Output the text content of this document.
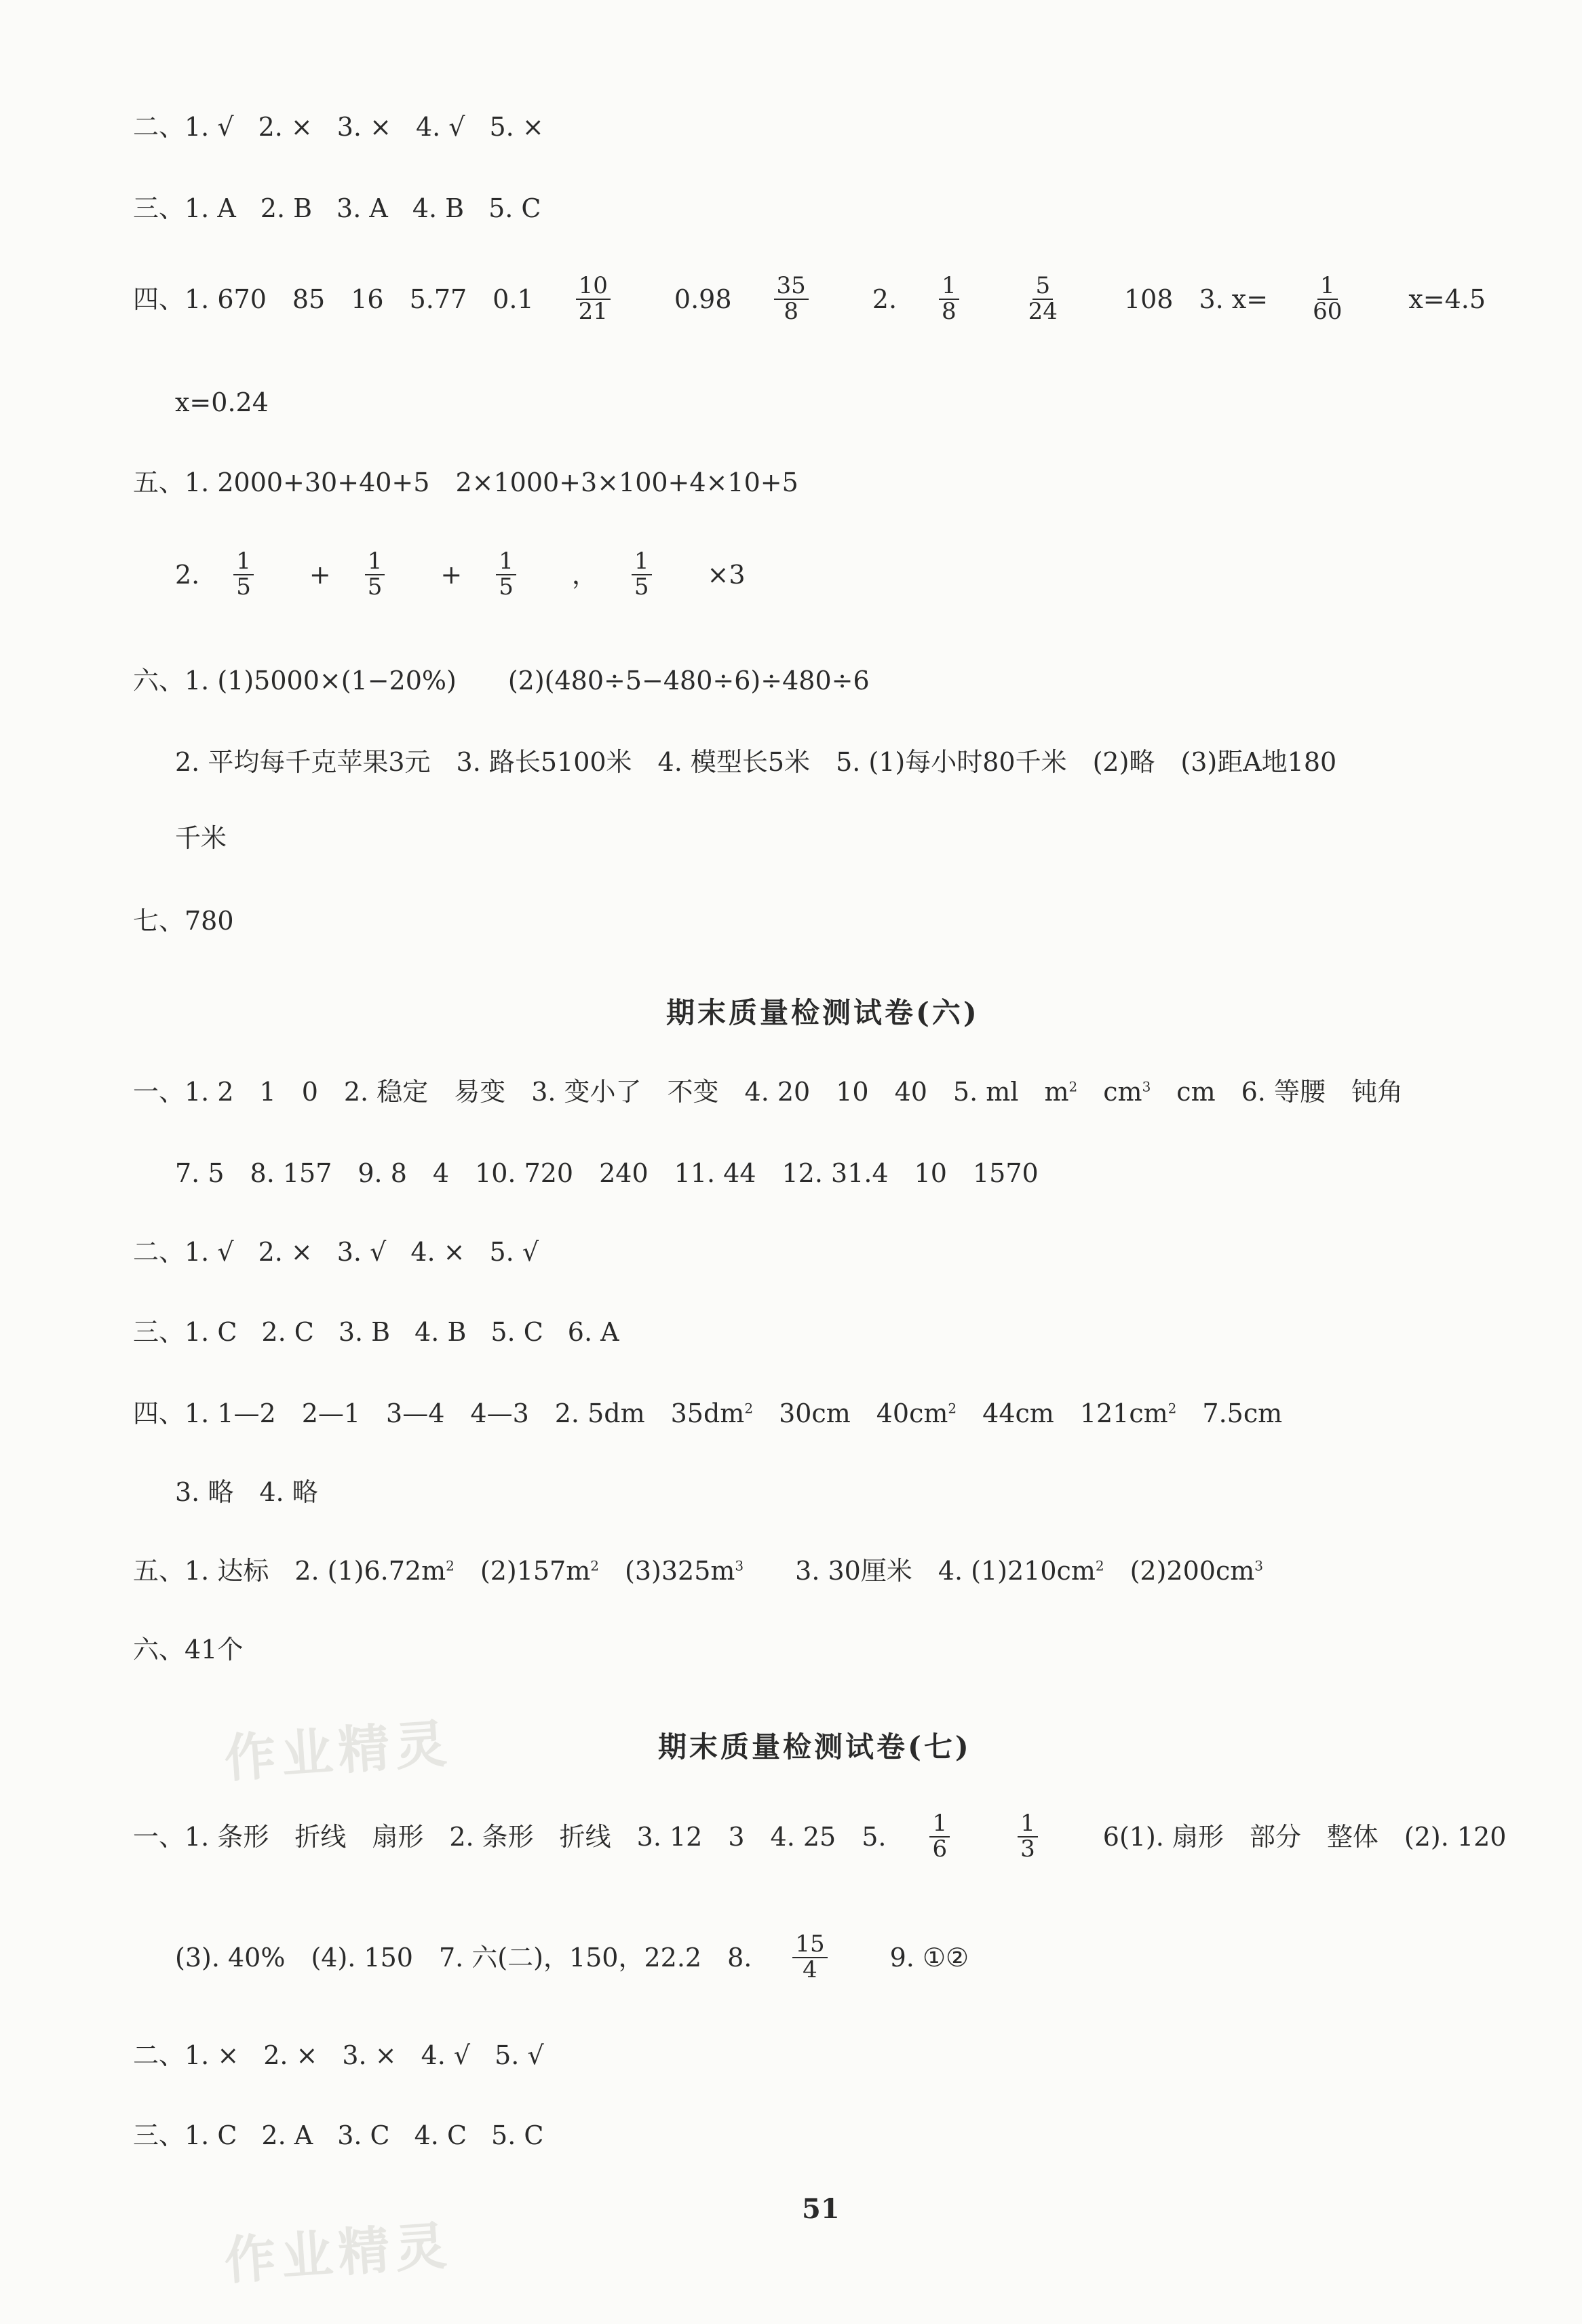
二、1. √ 2. × 3. × 4. √ 5. ×
三、1. A 2. B 3. A 4. B 5. C
四、1. 670　85　16　5.77　$0.1 \frac{10}{21} 0.98 \frac{35}{8} 2$. $\frac{1}{8} \frac{5}{24} 108$　3. $x= \frac{1}{60} x=4.5$
x=0.24
五、1. 2000+30+40+5　2×1000+3×100+4×10+5
2. $\frac{1}{5} + \frac{1}{5} + \frac{1}{5}$ ， $\frac{1}{5} \times 3$
六、1. (1)5000×(1−20%)　　(2)(480÷5−480÷6)÷480÷6
2. 平均每千克苹果3元　3. 路长5100米　4. 模型长5米　5. (1)每小时80千米　(2)略　(3)距A地180
千米
七、780
期末质量检测试卷(六)
一、1. 2　1　0　2. 稳定　易变　3. 变小了　不变　4. 20　10　40　5. ml　$m^2$　$cm^3$　cm　6. 等腰　钝角
7. 5　8. 157　9. 8　4　10. 720　240　11. 44　12. 31.4　10　1570
二、1. √ 2. × 3. √ 4. × 5. √
三、1. C 2. C 3. B 4. B 5. C 6. A
四、1. 1—2　2—1　3—4　4—3　2. 5dm　$35dm^2$　30cm　$40cm^2$　44cm　$121cm^2$　7.5cm
3. 略　4. 略
五、1. 达标　2. $(1)6.72m^2$　$(2)157m^2$　$(3)325m^3$　　3. 30厘米　4. $(1)210cm^2$　$(2)200cm^3$
六、41个
作业精灵	期末质量检测试卷(七)
一、1. 条形　折线　扇形　2. 条形　折线　3. 12　3　4. 25　5. $\frac{1}{6} \frac{1}{3} 6(1)$. 扇形　部分　整体　(2). 120
(3). 40%　(4). 150　7. 六(二)，150，22.2　8. $\frac{15}{4} 9$. ①②
二、1. × 2. × 3. × 4. √ 5. √
三、1. C 2. A 3. C 4. C 5. C
51
作业精灵
